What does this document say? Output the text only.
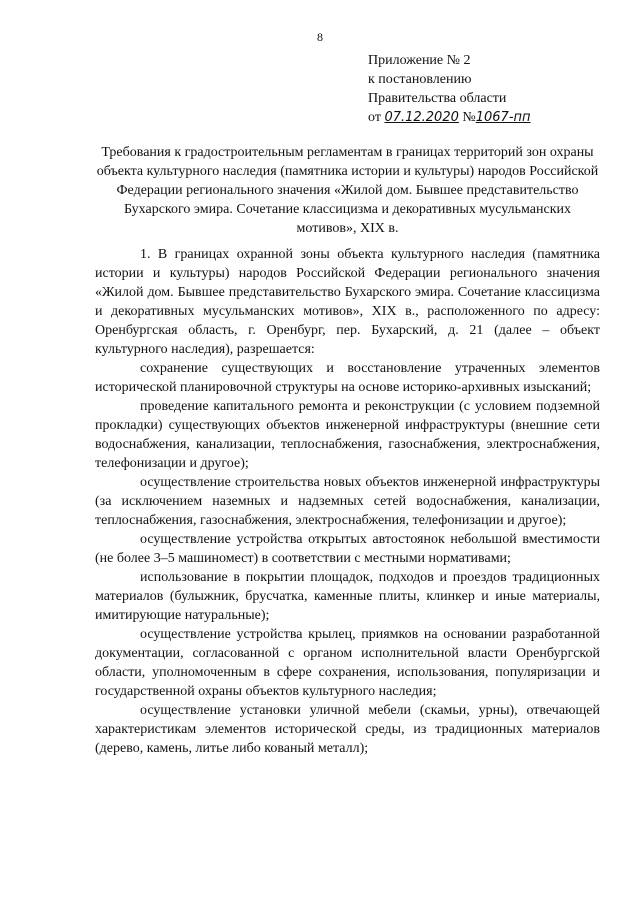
8
Приложение № 2
к постановлению
Правительства области
от 07.12.2020 №1067-пп
Требования к градостроительным регламентам в границах территорий зон охраны объекта культурного наследия (памятника истории и культуры) народов Российской Федерации регионального значения «Жилой дом. Бывшее представительство Бухарского эмира. Сочетание классицизма и декоративных мусульманских мотивов», XIX в.

1. В границах охранной зоны объекта культурного наследия (памятника истории и культуры) народов Российской Федерации регионального значения «Жилой дом. Бывшее представительство Бухарского эмира. Сочетание классицизма и декоративных мусульманских мотивов», XIX в., расположенного по адресу: Оренбургская область, г. Оренбург, пер. Бухарский, д. 21 (далее – объект культурного наследия), разрешается:

сохранение существующих и восстановление утраченных элементов исторической планировочной структуры на основе историко-архивных изысканий;

проведение капитального ремонта и реконструкции (с условием подземной прокладки) существующих объектов инженерной инфраструктуры (внешние сети водоснабжения, канализации, теплоснабжения, газоснабжения, электроснабжения, телефонизации и другое);

осуществление строительства новых объектов инженерной инфраструктуры (за исключением наземных и надземных сетей водоснабжения, канализации, теплоснабжения, газоснабжения, электроснабжения, телефонизации и другое);

осуществление устройства открытых автостоянок небольшой вместимости (не более 3–5 машиномест) в соответствии с местными нормативами;

использование в покрытии площадок, подходов и проездов традиционных материалов (булыжник, брусчатка, каменные плиты, клинкер и иные материалы, имитирующие натуральные);

осуществление устройства крылец, приямков на основании разработанной документации, согласованной с органом исполнительной власти Оренбургской области, уполномоченным в сфере сохранения, использования, популяризации и государственной охраны объектов культурного наследия;

осуществление установки уличной мебели (скамьи, урны), отвечающей характеристикам элементов исторической среды, из традиционных материалов (дерево, камень, литье либо кованый металл);
